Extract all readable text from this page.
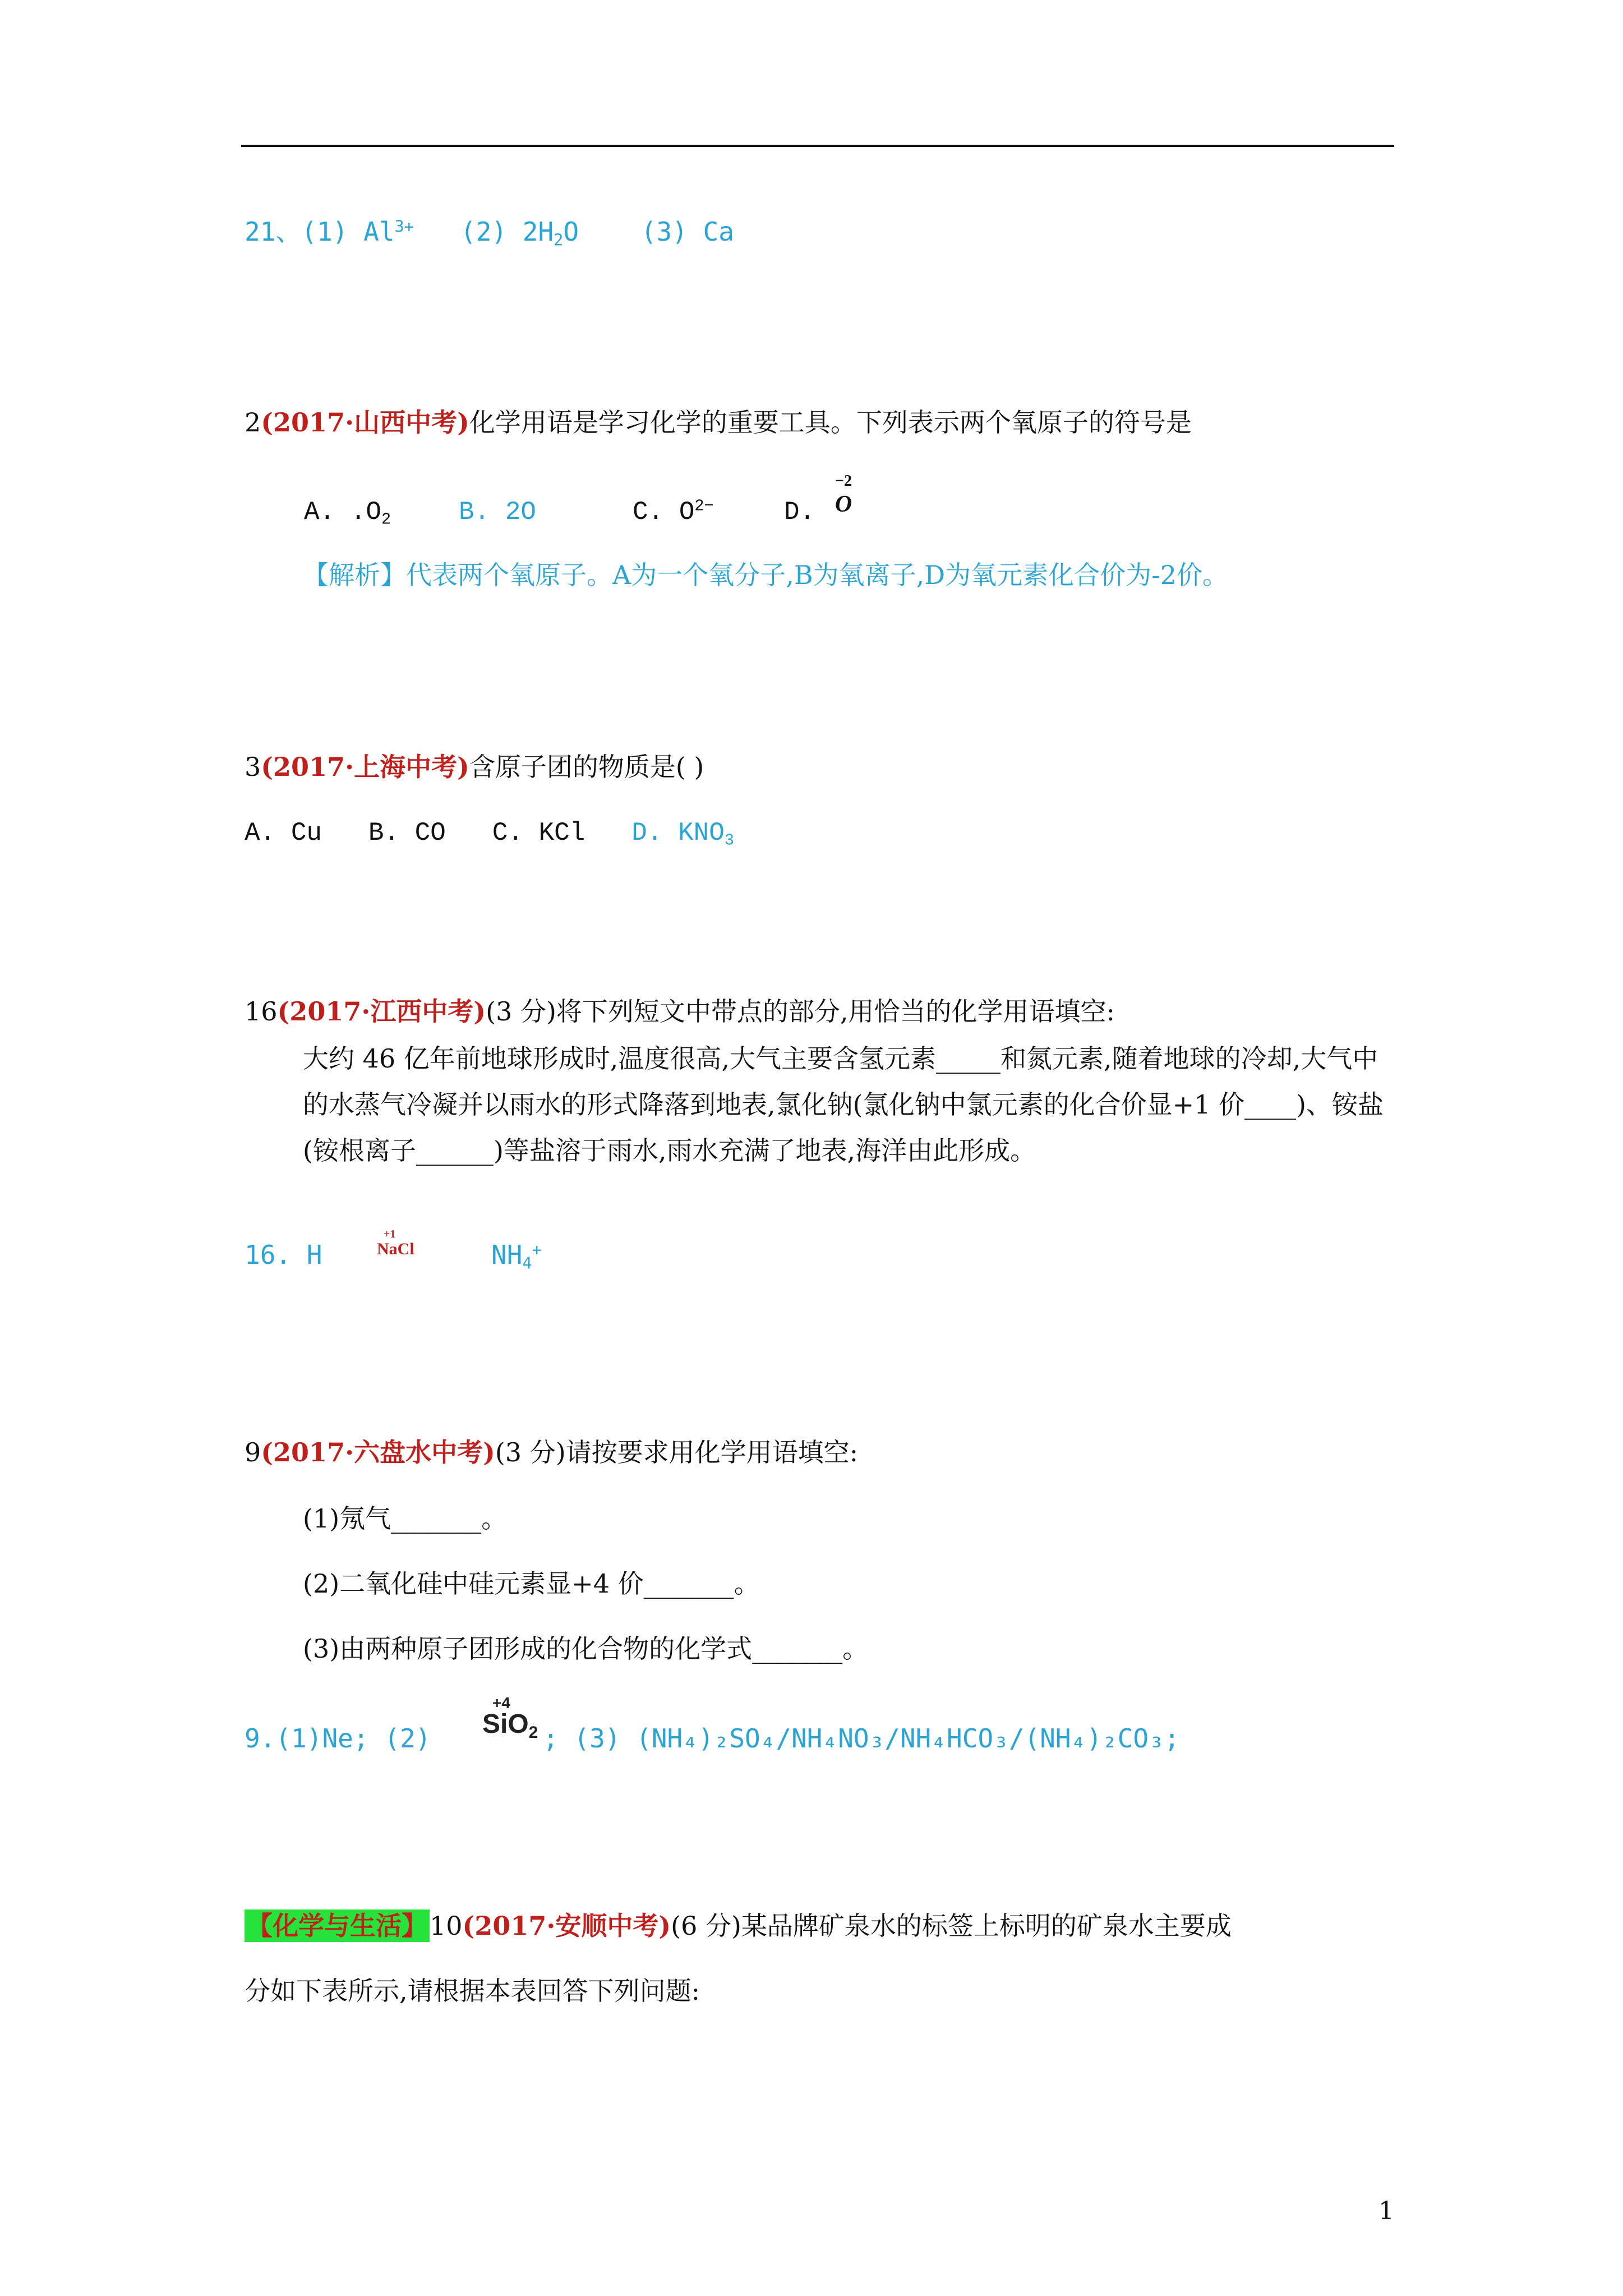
21、(1) $Al^{3+}$ (2) $2H_2O$ (3) Ca
2(2017·山西中考)化学用语是学习化学的重要工具。下列表示两个氧原子的符号是
A. $.O_2$	B. 2O	C. $O^{2-}$	D.
−2
O
【解析】代表两个氧原子。A为一个氧分子,B为氧离子,D为氧元素化合价为-2价。
3(2017·上海中考)含原子团的物质是( )
A. Cu B. CO C. KCl D. $KNO_3$
16(2017·江西中考)(3 分)将下列短文中带点的部分,用恰当的化学用语填空:
大约 46 亿年前地球形成时,温度很高,大气主要含氢元素_____和氮元素,随着地球的冷却,大气中的水蒸气冷凝并以雨水的形式降落到地表,氯化钠(氯化钠中氯元素的化合价显+1 价____)、铵盐(铵根离子______)等盐溶于雨水,雨水充满了地表,海洋由此形成。
16. H
+1
NaCl	$NH_4^+$
9(2017·六盘水中考)(3 分)请按要求用化学用语填空:
(1)氖气_______。
(2)二氧化硅中硅元素显+4 价_______。
(3)由两种原子团形成的化合物的化学式_______。
9.(1)Ne; (2)
+4
SiO$_2$ ; (3) (NH₄)₂SO₄/NH₄NO₃/NH₄HCO₃/(NH₄)₂CO₃;
【化学与生活】10(2017·安顺中考)(6 分)某品牌矿泉水的标签上标明的矿泉水主要成
分如下表所示,请根据本表回答下列问题:
1
